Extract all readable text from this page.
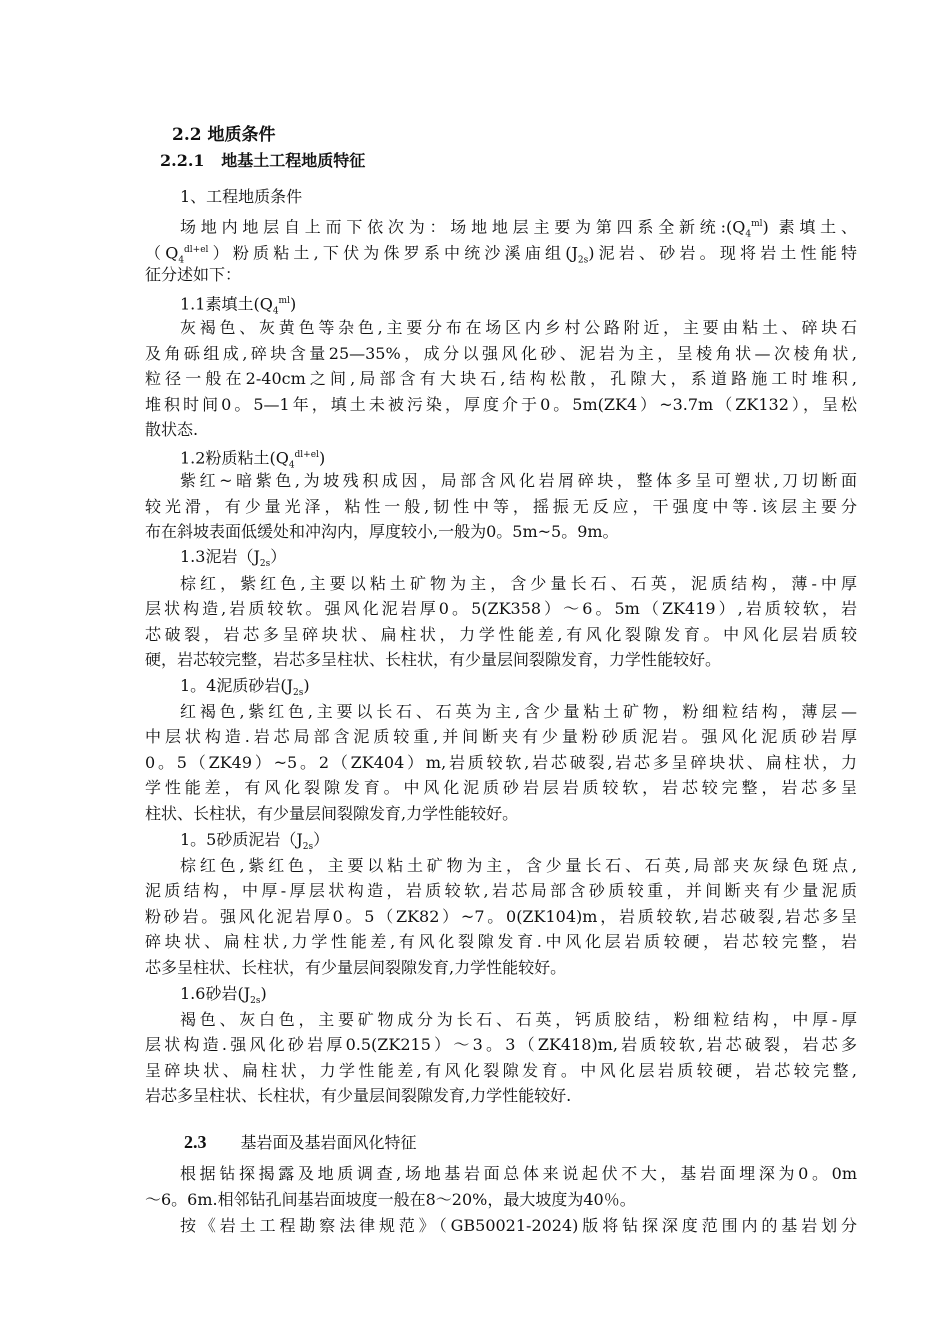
2.2 地质条件
2.2.1 地基土工程地质特征
1、工程地质条件
场地内地层自上而下依次为：场地地层主要为第四系全新统$:(Q_4^{ml})$ 素填土、
$(Q_4^{dl+el})$粉质粘土,下伏为侏罗系中统沙溪庙组$(J_{2s})$泥岩、砂岩。现将岩土性能特
征分述如下：
1.1素填土$(Q_4^{ml})$
灰褐色、灰黄色等杂色,主要分布在场区内乡村公路附近，主要由粘土、碎块石
及角砾组成,碎块含量25—35%，成分以强风化砂、泥岩为主，呈棱角状—次棱角状,
粒径一般在2-40cm之间,局部含有大块石,结构松散，孔隙大，系道路施工时堆积,
堆积时间0。5—1年，填土未被污染，厚度介于0。5m(ZK4）~3.7m（ZK132），呈松
散状态.
1.2粉质粘土$(Q_4^{dl+el})$
紫红~暗紫色,为坡残积成因，局部含风化岩屑碎块，整体多呈可塑状,刀切断面
较光滑，有少量光泽，粘性一般,韧性中等，摇振无反应，干强度中等.该层主要分
布在斜坡表面低缓处和冲沟内，厚度较小,一般为0。5m~5。9m。
1.3泥岩$(J_{2s})$
棕红，紫红色,主要以粘土矿物为主，含少量长石、石英，泥质结构，薄-中厚
层状构造,岩质较软。强风化泥岩厚0。5(ZK358）～6。5m（ZK419）,岩质较软，岩
芯破裂，岩芯多呈碎块状、扁柱状，力学性能差,有风化裂隙发育。中风化层岩质较
硬，岩芯较完整，岩芯多呈柱状、长柱状，有少量层间裂隙发育，力学性能较好。
1。4泥质砂岩$(J_{2s})$
红褐色,紫红色,主要以长石、石英为主,含少量粘土矿物，粉细粒结构，薄层—
中层状构造.岩芯局部含泥质较重,并间断夹有少量粉砂质泥岩。强风化泥质砂岩厚
0。5（ZK49）~5。2（ZK404）m,岩质较软,岩芯破裂,岩芯多呈碎块状、扁柱状，力
学性能差，有风化裂隙发育。中风化泥质砂岩层岩质较软，岩芯较完整，岩芯多呈
柱状、长柱状，有少量层间裂隙发育,力学性能较好。
1。5砂质泥岩$(J_{2s})$
棕红色,紫红色，主要以粘土矿物为主，含少量长石、石英,局部夹灰绿色斑点,
泥质结构，中厚-厚层状构造，岩质较软,岩芯局部含砂质较重，并间断夹有少量泥质
粉砂岩。强风化泥岩厚0。5（ZK82）~7。0(ZK104)m，岩质较软,岩芯破裂,岩芯多呈
碎块状、扁柱状,力学性能差,有风化裂隙发育.中风化层岩质较硬，岩芯较完整，岩
芯多呈柱状、长柱状，有少量层间裂隙发育,力学性能较好。
1.6砂岩$(J_{2s})$
褐色、灰白色，主要矿物成分为长石、石英，钙质胶结，粉细粒结构，中厚-厚
层状构造.强风化砂岩厚0.5(ZK215）～3。3（ZK418)m,岩质较软,岩芯破裂，岩芯多
呈碎块状、扁柱状，力学性能差,有风化裂隙发育。中风化层岩质较硬，岩芯较完整,
岩芯多呈柱状、长柱状，有少量层间裂隙发育,力学性能较好.
2.3 基岩面及基岩面风化特征
根据钻探揭露及地质调查,场地基岩面总体来说起伏不大，基岩面埋深为0。0m
～6。6m.相邻钻孔间基岩面坡度一般在8～20%，最大坡度为40％。
按《岩土工程勘察法律规范》（GB50021-2024)版将钻探深度范围内的基岩划分
